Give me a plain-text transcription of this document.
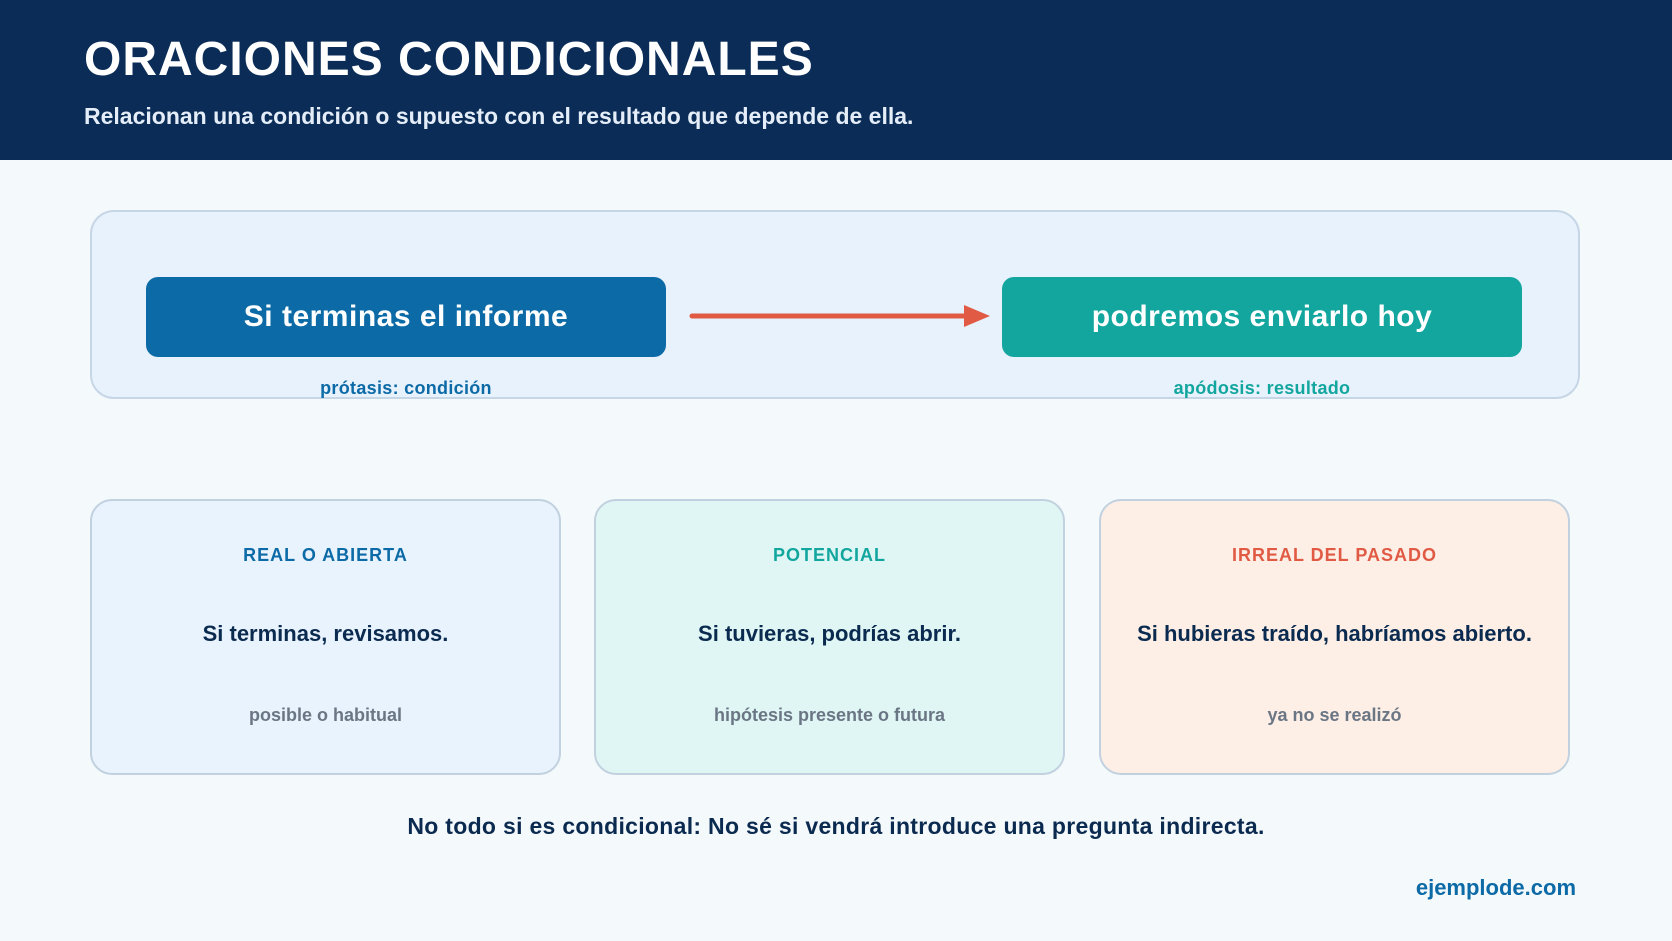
ORACIONES CONDICIONALES

Relacionan una condición o supuesto con el resultado que depende de ella.

Si terminas el informe	podremos enviarlo hoy
prótasis: condición	apódosis: resultado
REAL O ABIERTA
Si terminas, revisamos.
posible o habitual
POTENCIAL
Si tuvieras, podrías abrir.
hipótesis presente o futura
IRREAL DEL PASADO
Si hubieras traído, habríamos abierto.
ya no se realizó

No todo si es condicional: No sé si vendrá introduce una pregunta indirecta.

ejemplode.com
